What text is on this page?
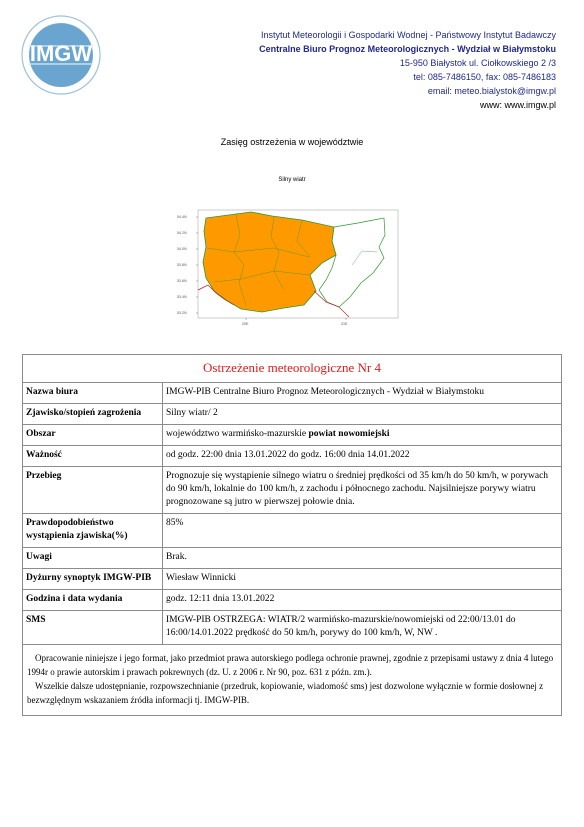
IMGW
Instytut Meteorologii i Gospodarki Wodnej - Państwowy Instytut Badawczy
Centralne Biuro Prognoz Meteorologicznych - Wydział w Białymstoku
15-950 Białystok ul. Ciołkowskiego 2 /3
tel: 085-7486150, fax: 085-7486183
email: meteo.bialystok@imgw.pl
www: www.imgw.pl
Zasięg ostrzeżenia w województwie
Silny wiatr
54.4N
54.2N
54.0N
53.8N
53.6N
53.4N
53.2N
20E	21E
Ostrzeżenie meteorologiczne Nr 4	
Nazwa biura	IMGW-PIB Centralne Biuro Prognoz Meteorologicznych - Wydział w Białymstoku
Zjawisko/stopień zagrożenia	Silny wiatr/ 2
Obszar	województwo warmińsko-mazurskie powiat nowomiejski
Ważność	od godz. 22:00 dnia 13.01.2022 do godz. 16:00 dnia 14.01.2022
Przebieg	Prognozuje się wystąpienie silnego wiatru o średniej prędkości od 35 km/h do 50 km/h, w porywach do 90 km/h, lokalnie do 100 km/h, z zachodu i północnego zachodu. Najsilniejsze porywy wiatru prognozowane są jutro w pierwszej połowie dnia.
Prawdopodobieństwo wystąpienia zjawiska(%)	85%
Uwagi	Brak.
Dyżurny synoptyk IMGW-PIB	Wiesław Winnicki
Godzina i data wydania	godz. 12:11 dnia 13.01.2022
SMS	IMGW-PIB OSTRZEGA: WIATR/2 warmińsko-mazurskie/nowomiejski od 22:00/13.01 do 16:00/14.01.2022 prędkość do 50 km/h, porywy do 100 km/h, W, NW .

Opracowanie niniejsze i jego format, jako przedmiot prawa autorskiego podlega ochronie prawnej, zgodnie z przepisami ustawy z dnia 4 lutego 1994r o prawie autorskim i prawach pokrewnych (dz. U. z 2006 r. Nr 90, poz. 631 z późn. zm.).

Wszelkie dalsze udostępnianie, rozpowszechnianie (przedruk, kopiowanie, wiadomość sms) jest dozwolone wyłącznie w formie dosłownej z bezwzględnym wskazaniem źródła informacji tj. IMGW-PIB.	
